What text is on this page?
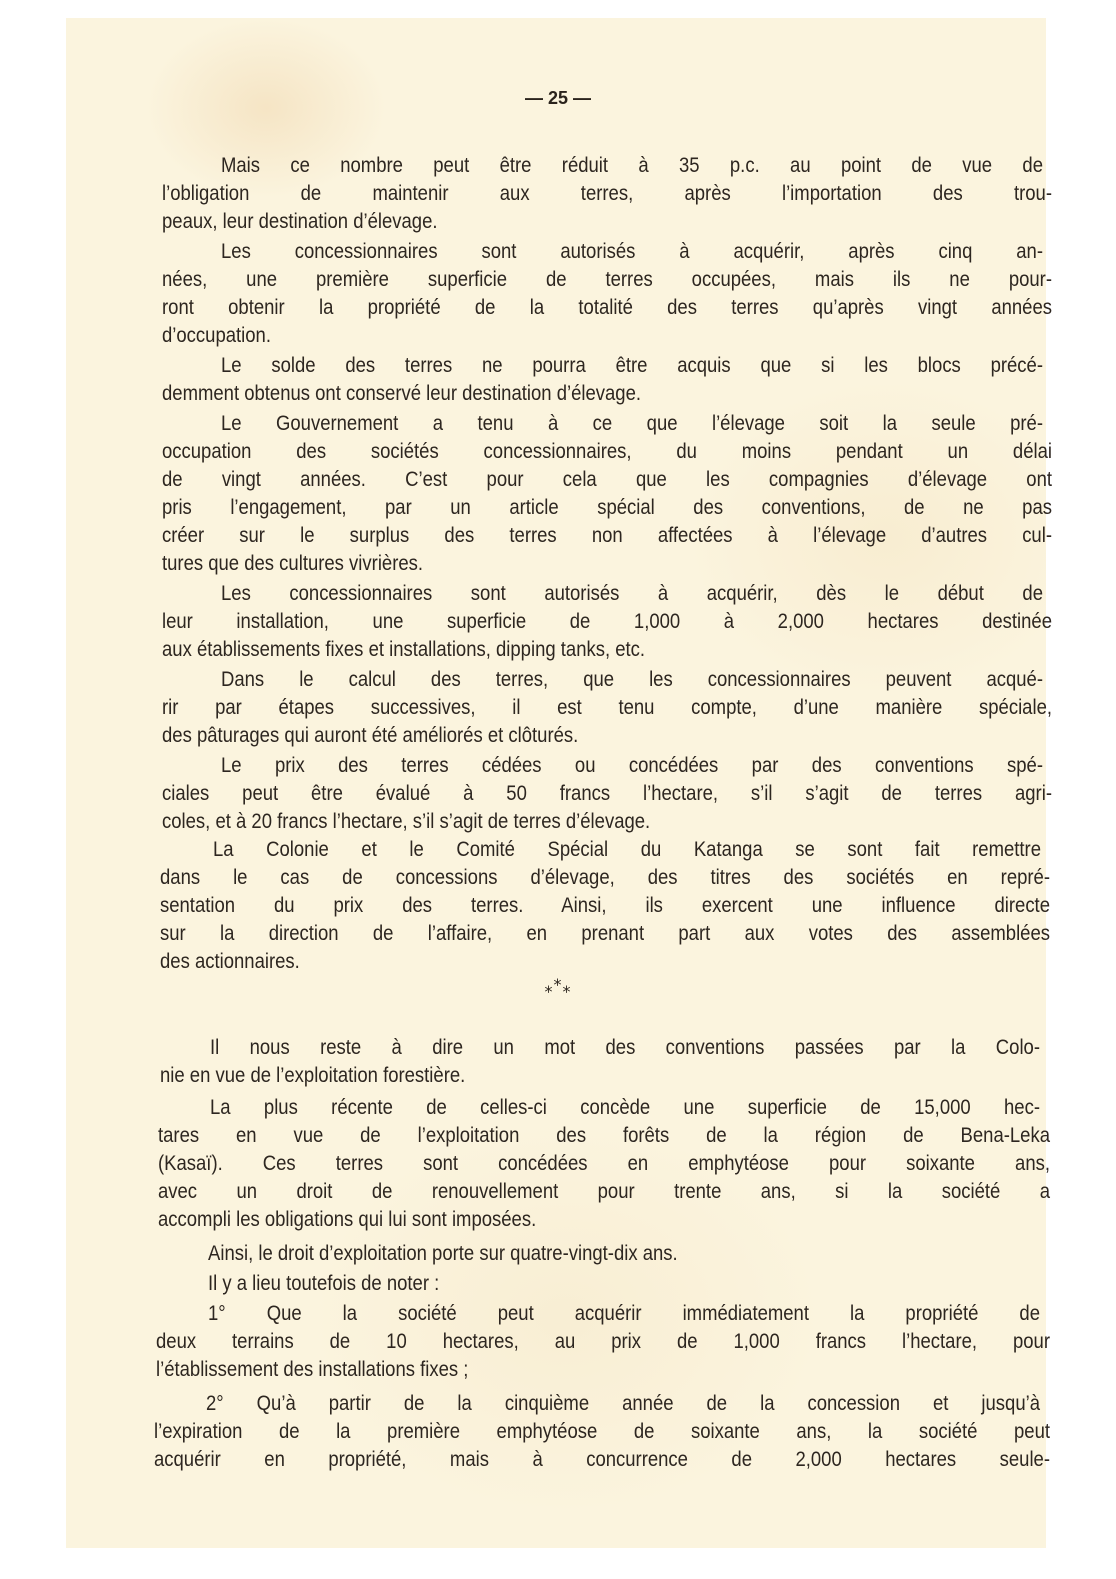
— 25 —
Mais ce nombre peut être réduit à 35 p.c. au point de vue de
l’obligation de maintenir aux terres, après l’importation des trou-
peaux, leur destination d’élevage.
Les concessionnaires sont autorisés à acquérir, après cinq an-
nées, une première superficie de terres occupées, mais ils ne pour-
ront obtenir la propriété de la totalité des terres qu’après vingt années
d’occupation.
Le solde des terres ne pourra être acquis que si les blocs précé-
demment obtenus ont conservé leur destination d’élevage.
Le Gouvernement a tenu à ce que l’élevage soit la seule pré-
occupation des sociétés concessionnaires, du moins pendant un délai
de vingt années. C’est pour cela que les compagnies d’élevage ont
pris l’engagement, par un article spécial des conventions, de ne pas
créer sur le surplus des terres non affectées à l’élevage d’autres cul-
tures que des cultures vivrières.
Les concessionnaires sont autorisés à acquérir, dès le début de
leur installation, une superficie de 1,000 à 2,000 hectares destinée
aux établissements fixes et installations, dipping tanks, etc.
Dans le calcul des terres, que les concessionnaires peuvent acqué-
rir par étapes successives, il est tenu compte, d’une manière spéciale,
des pâturages qui auront été améliorés et clôturés.
Le prix des terres cédées ou concédées par des conventions spé-
ciales peut être évalué à 50 francs l’hectare, s’il s’agit de terres agri-
coles, et à 20 francs l’hectare, s’il s’agit de terres d’élevage.
La Colonie et le Comité Spécial du Katanga se sont fait remettre
dans le cas de concessions d’élevage, des titres des sociétés en repré-
sentation du prix des terres. Ainsi, ils exercent une influence directe
sur la direction de l’affaire, en prenant part aux votes des assemblées
des actionnaires.
***
Il nous reste à dire un mot des conventions passées par la Colo-
nie en vue de l’exploitation forestière.
La plus récente de celles-ci concède une superficie de 15,000 hec-
tares en vue de l’exploitation des forêts de la région de Bena-Leka
(Kasaï). Ces terres sont concédées en emphytéose pour soixante ans,
avec un droit de renouvellement pour trente ans, si la société a
accompli les obligations qui lui sont imposées.
Ainsi, le droit d’exploitation porte sur quatre-vingt-dix ans.
Il y a lieu toutefois de noter :
1° Que la société peut acquérir immédiatement la propriété de
deux terrains de 10 hectares, au prix de 1,000 francs l’hectare, pour
l’établissement des installations fixes ;
2° Qu’à partir de la cinquième année de la concession et jusqu’à
l’expiration de la première emphytéose de soixante ans, la société peut
acquérir en propriété, mais à concurrence de 2,000 hectares seule-
